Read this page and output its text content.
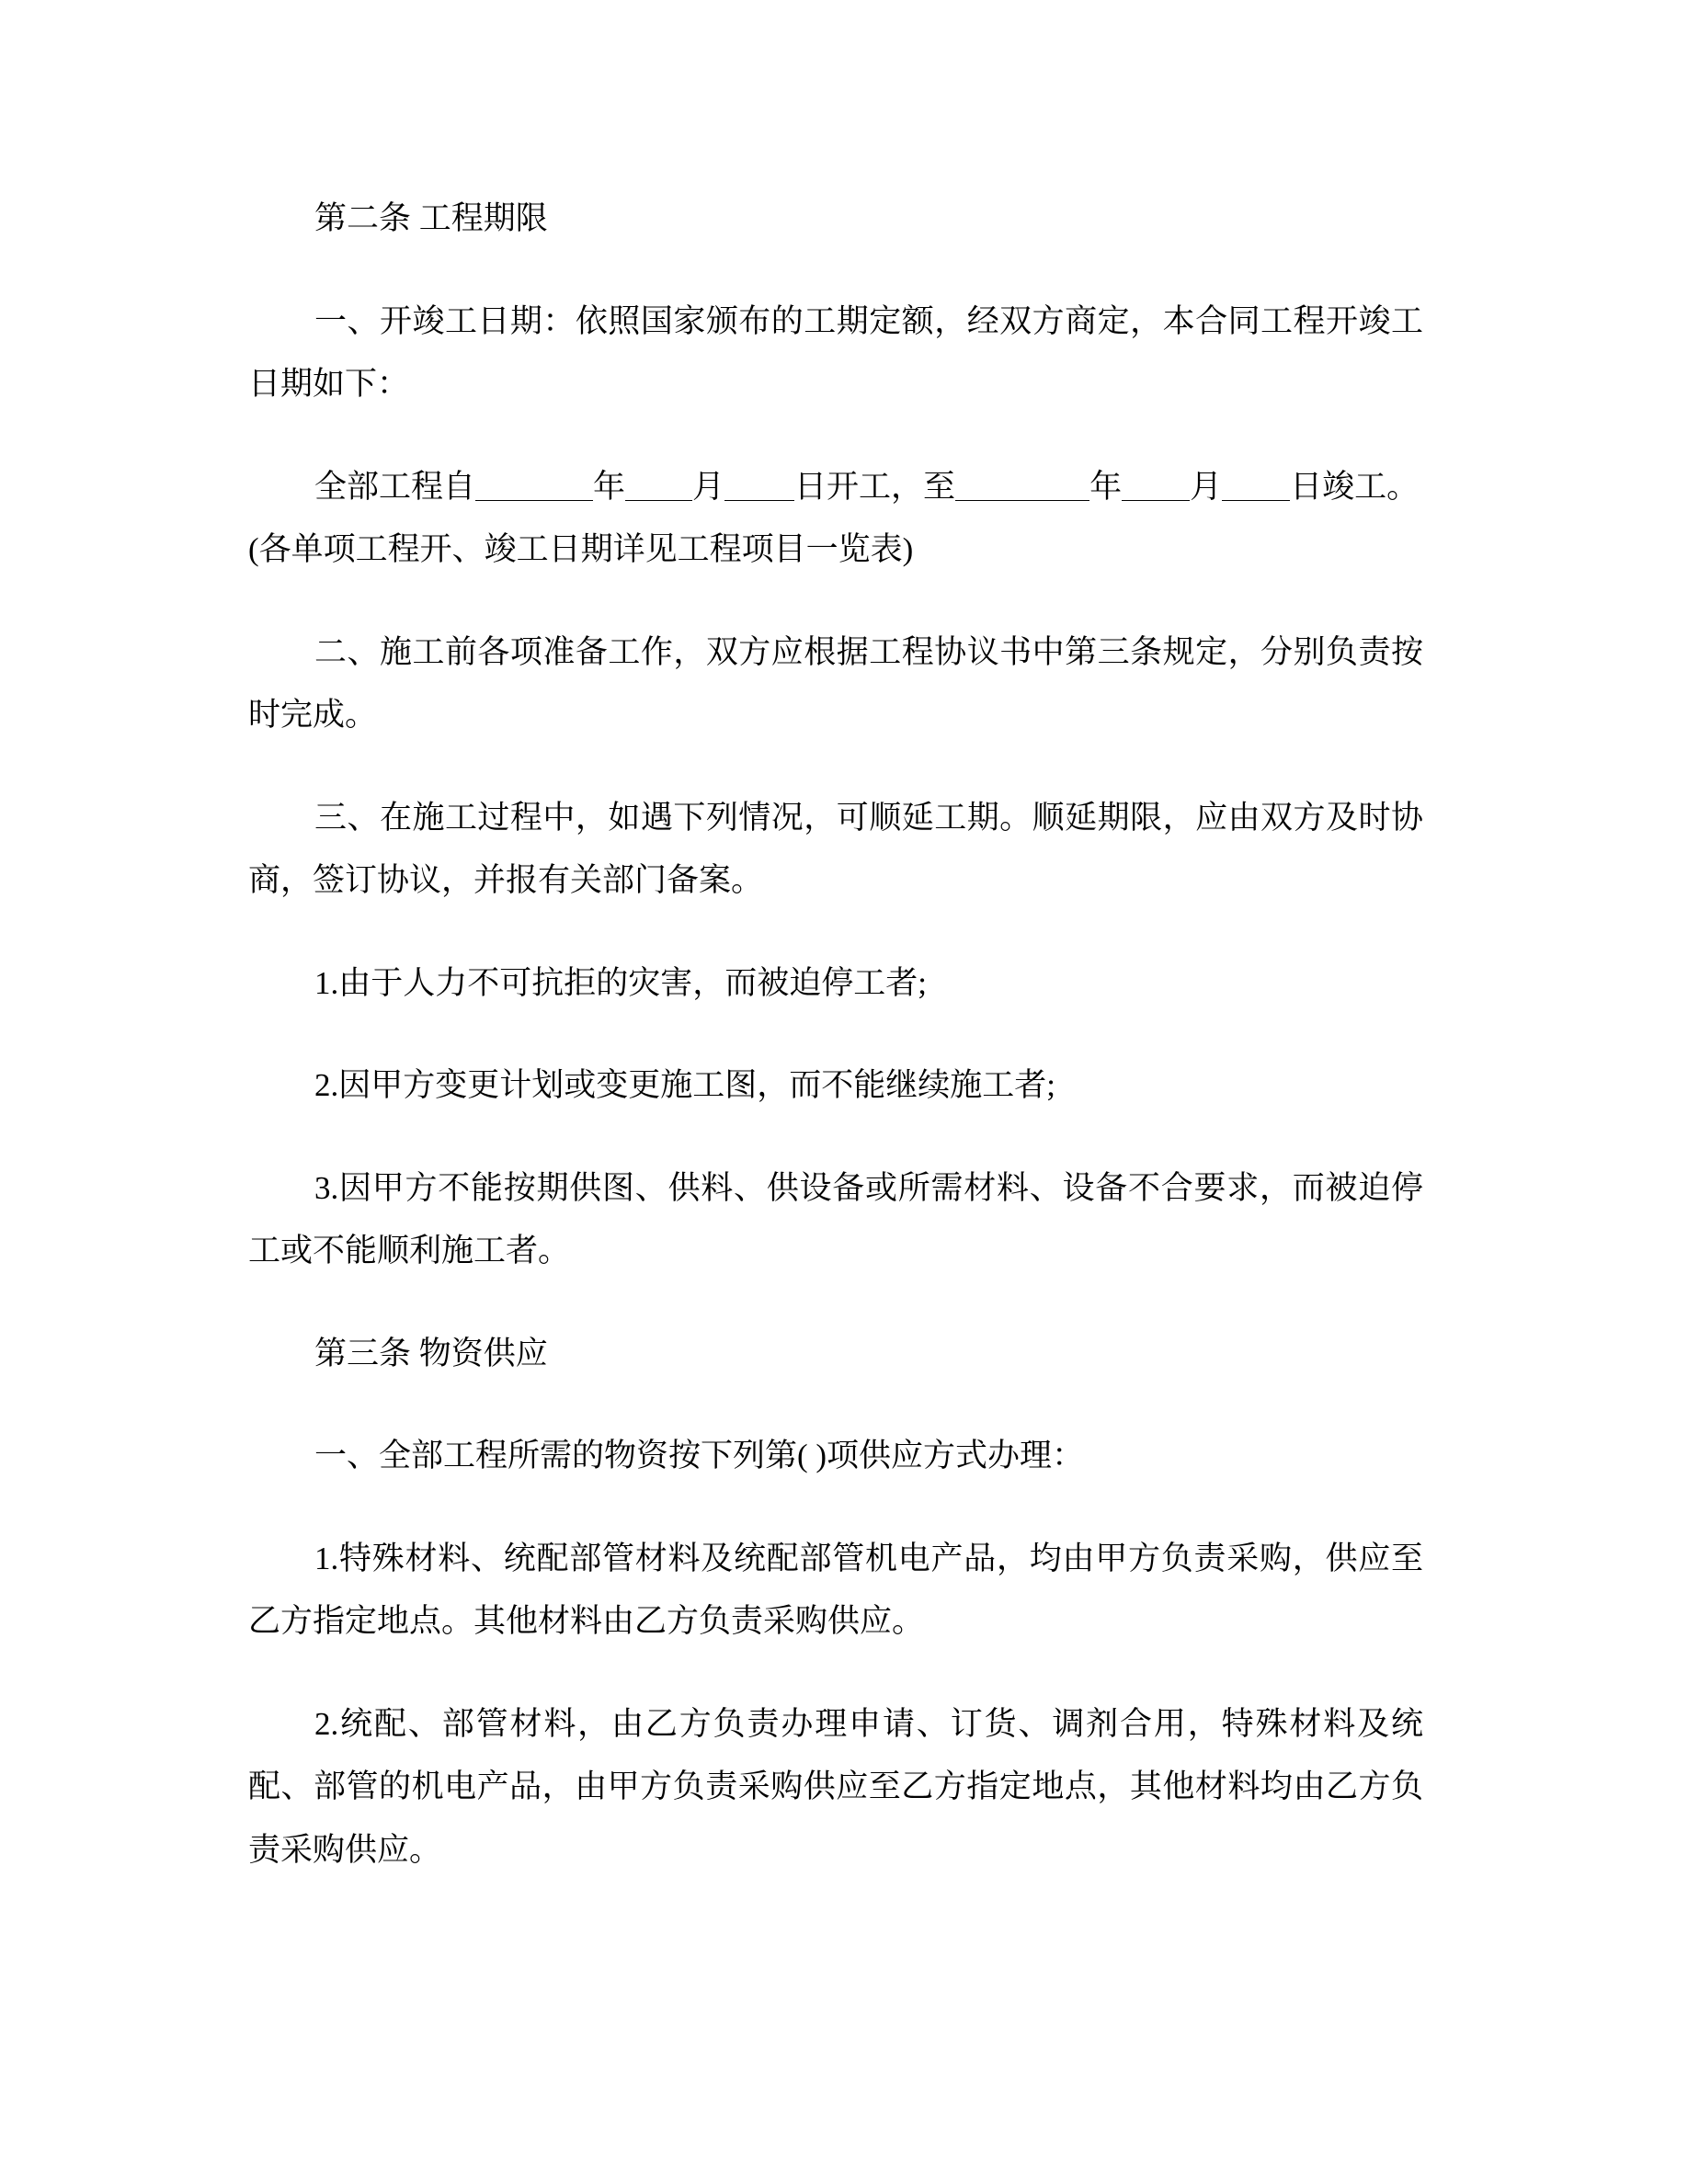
第二条 工程期限

一、开竣工日期：依照国家颁布的工期定额，经双方商定，本合同工程开竣工
日期如下：

全部工程自	年 月 日开工，至	年 月 日竣工。
(各单项工程开、竣工日期详见工程项目一览表)

二、施工前各项准备工作，双方应根据工程协议书中第三条规定，分别负责按
时完成。

三、在施工过程中，如遇下列情况，可顺延工期。顺延期限，应由双方及时协
商，签订协议，并报有关部门备案。

1.由于人力不可抗拒的灾害，而被迫停工者;

2.因甲方变更计划或变更施工图，而不能继续施工者;

3.因甲方不能按期供图、供料、供设备或所需材料、设备不合要求，而被迫停
工或不能顺利施工者。

第三条 物资供应

一、全部工程所需的物资按下列第( )项供应方式办理：

1.特殊材料、统配部管材料及统配部管机电产品，均由甲方负责采购，供应至
乙方指定地点。其他材料由乙方负责采购供应。

2.统配、部管材料，由乙方负责办理申请、订货、调剂合用，特殊材料及统
配、部管的机电产品，由甲方负责采购供应至乙方指定地点，其他材料均由乙方负
责采购供应。
